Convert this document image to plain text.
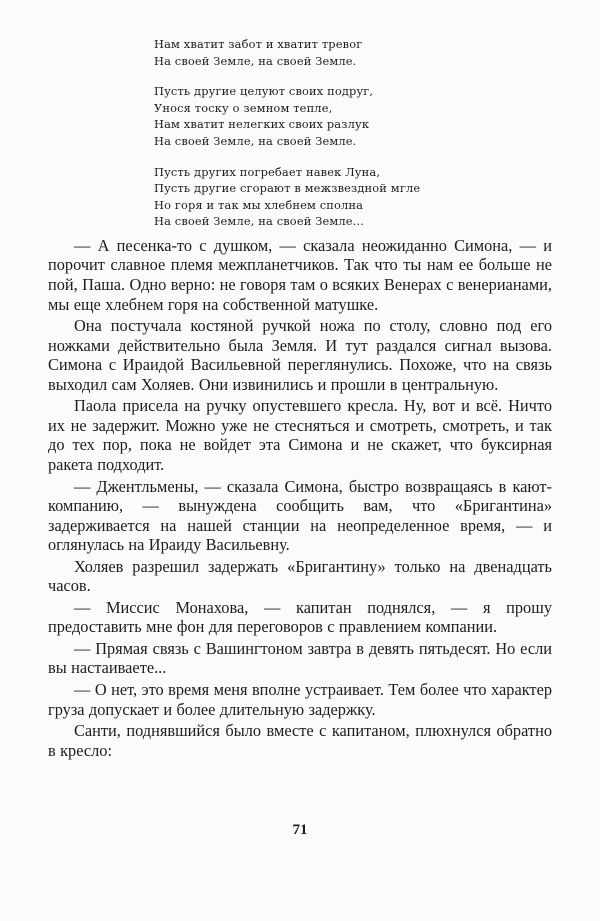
Нам хватит забот и хватит тревог
На своей Земле, на своей Земле.
Пусть другие целуют своих подруг,
Унося тоску о земном тепле,
Нам хватит нелегких своих разлук
На своей Земле, на своей Земле.
Пусть других погребает навек Луна,
Пусть другие сгорают в межзвездной мгле
Но горя и так мы хлебнем сполна
На своей Земле, на своей Земле...

— А песенка-то с душком, — сказала неожиданно Симона, — и порочит славное племя межпланетчиков. Так что ты нам ее больше не пой, Паша. Одно верно: не говоря там о всяких Венерах с венерианами, мы еще хлебнем горя на собственной матушке.

Она постучала костяной ручкой ножа по столу, словно под его ножками действительно была Земля. И тут раздался сигнал вызова. Симона с Ираидой Васильевной переглянулись. Похоже, что на связь выходил сам Холяев. Они извинились и прошли в центральную.

Паола присела на ручку опустевшего кресла. Ну, вот и всё. Ничто их не задержит. Можно уже не стесняться и смотреть, смотреть, и так до тех пор, пока не войдет эта Симона и не скажет, что буксирная ракета подходит.

— Джентльмены, — сказала Симона, быстро возвращаясь в кают-компанию, — вынуждена сообщить вам, что «Бригантина» задерживается на нашей станции на неопределенное время, — и оглянулась на Ираиду Васильевну.

Холяев разрешил задержать «Бригантину» только на двенадцать часов.

— Миссис Монахова, — капитан поднялся, — я прошу предоставить мне фон для переговоров с правлением компании.

— Прямая связь с Вашингтоном завтра в девять пятьдесят. Но если вы настаиваете...

— О нет, это время меня вполне устраивает. Тем более что характер груза допускает и более длительную задержку.

Санти, поднявшийся было вместе с капитаном, плюхнулся обратно в кресло:

71
